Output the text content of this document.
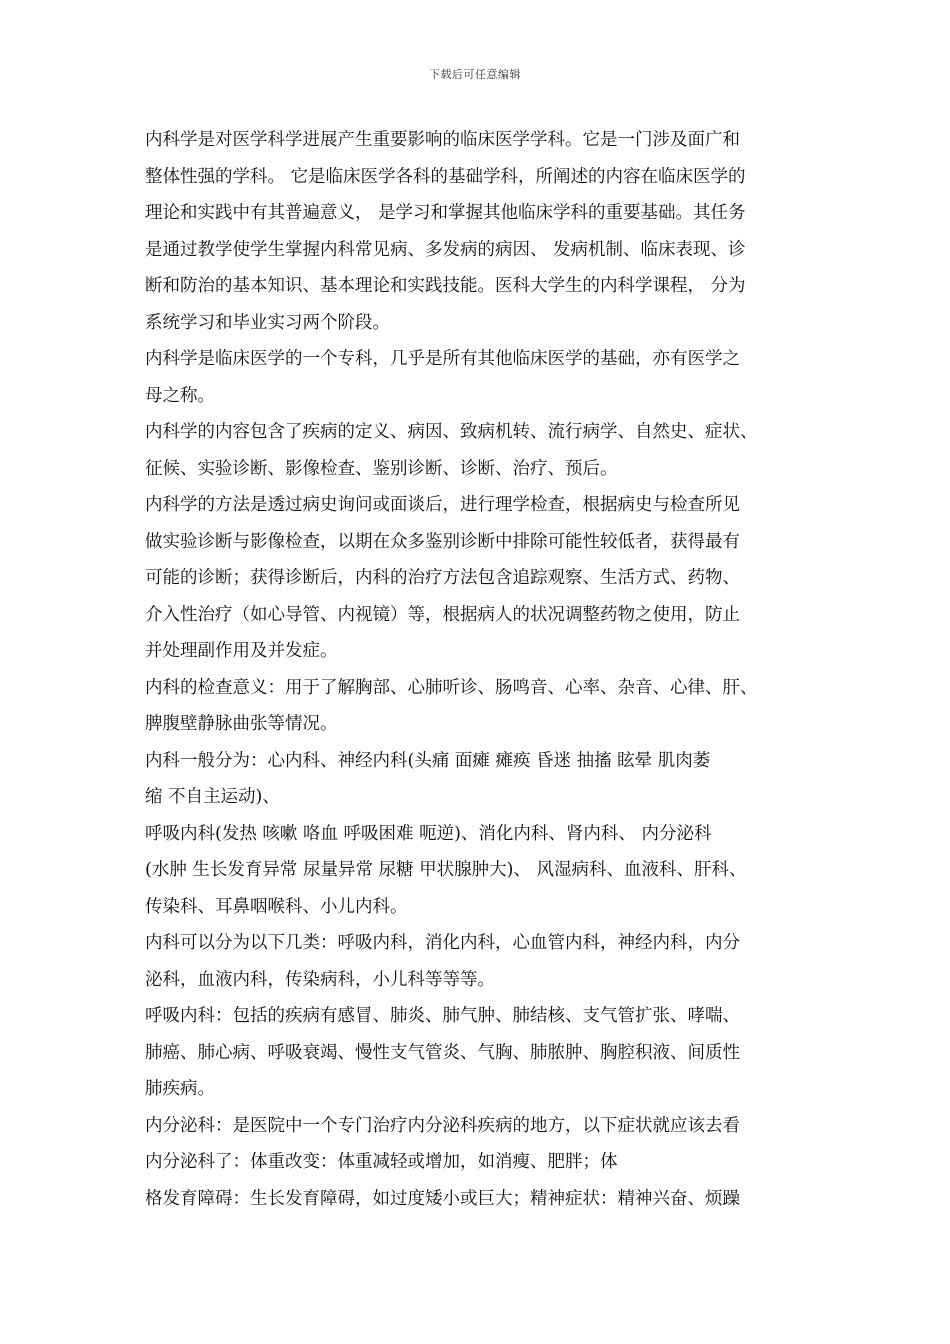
下载后可任意编辑
内科学是对医学科学进展产生重要影响的临床医学学科。它是一门涉及面广和
整体性强的学科。 它是临床医学各科的基础学科，所阐述的内容在临床医学的
理论和实践中有其普遍意义， 是学习和掌握其他临床学科的重要基础。其任务
是通过教学使学生掌握内科常见病、多发病的病因、 发病机制、临床表现、诊
断和防治的基本知识、基本理论和实践技能。医科大学生的内科学课程， 分为
系统学习和毕业实习两个阶段。
内科学是临床医学的一个专科，几乎是所有其他临床医学的基础，亦有医学之
母之称。
内科学的内容包含了疾病的定义、病因、致病机转、流行病学、自然史、症状、
征候、实验诊断、影像检查、鉴别诊断、诊断、治疗、预后。
内科学的方法是透过病史询问或面谈后，进行理学检查，根据病史与检查所见
做实验诊断与影像检查，以期在众多鉴别诊断中排除可能性较低者，获得最有
可能的诊断；获得诊断后，内科的治疗方法包含追踪观察、生活方式、药物、
介入性治疗（如心导管、内视镜）等，根据病人的状况调整药物之使用，防止
并处理副作用及并发症。
内科的检查意义：用于了解胸部、心肺听诊、肠鸣音、心率、杂音、心律、肝、
脾腹壁静脉曲张等情况。
内科一般分为：心内科、神经内科(头痛 面瘫 瘫痪 昏迷 抽搐 眩晕 肌肉萎
缩 不自主运动)、
呼吸内科(发热 咳嗽 咯血 呼吸困难 呃逆)、消化内科、肾内科、 内分泌科
(水肿 生长发育异常 尿量异常 尿糖 甲状腺肿大)、 风湿病科、血液科、肝科、
传染科、耳鼻咽喉科、小儿内科。
内科可以分为以下几类：呼吸内科，消化内科，心血管内科，神经内科，内分
泌科，血液内科，传染病科，小儿科等等等。
呼吸内科：包括的疾病有感冒、肺炎、肺气肿、肺结核、支气管扩张、哮喘、
肺癌、肺心病、呼吸衰竭、慢性支气管炎、气胸、肺脓肿、胸腔积液、间质性
肺疾病。
内分泌科：是医院中一个专门治疗内分泌科疾病的地方，以下症状就应该去看
内分泌科了：体重改变：体重减轻或增加，如消瘦、肥胖；体
格发育障碍：生长发育障碍，如过度矮小或巨大；精神症状：精神兴奋、烦躁
